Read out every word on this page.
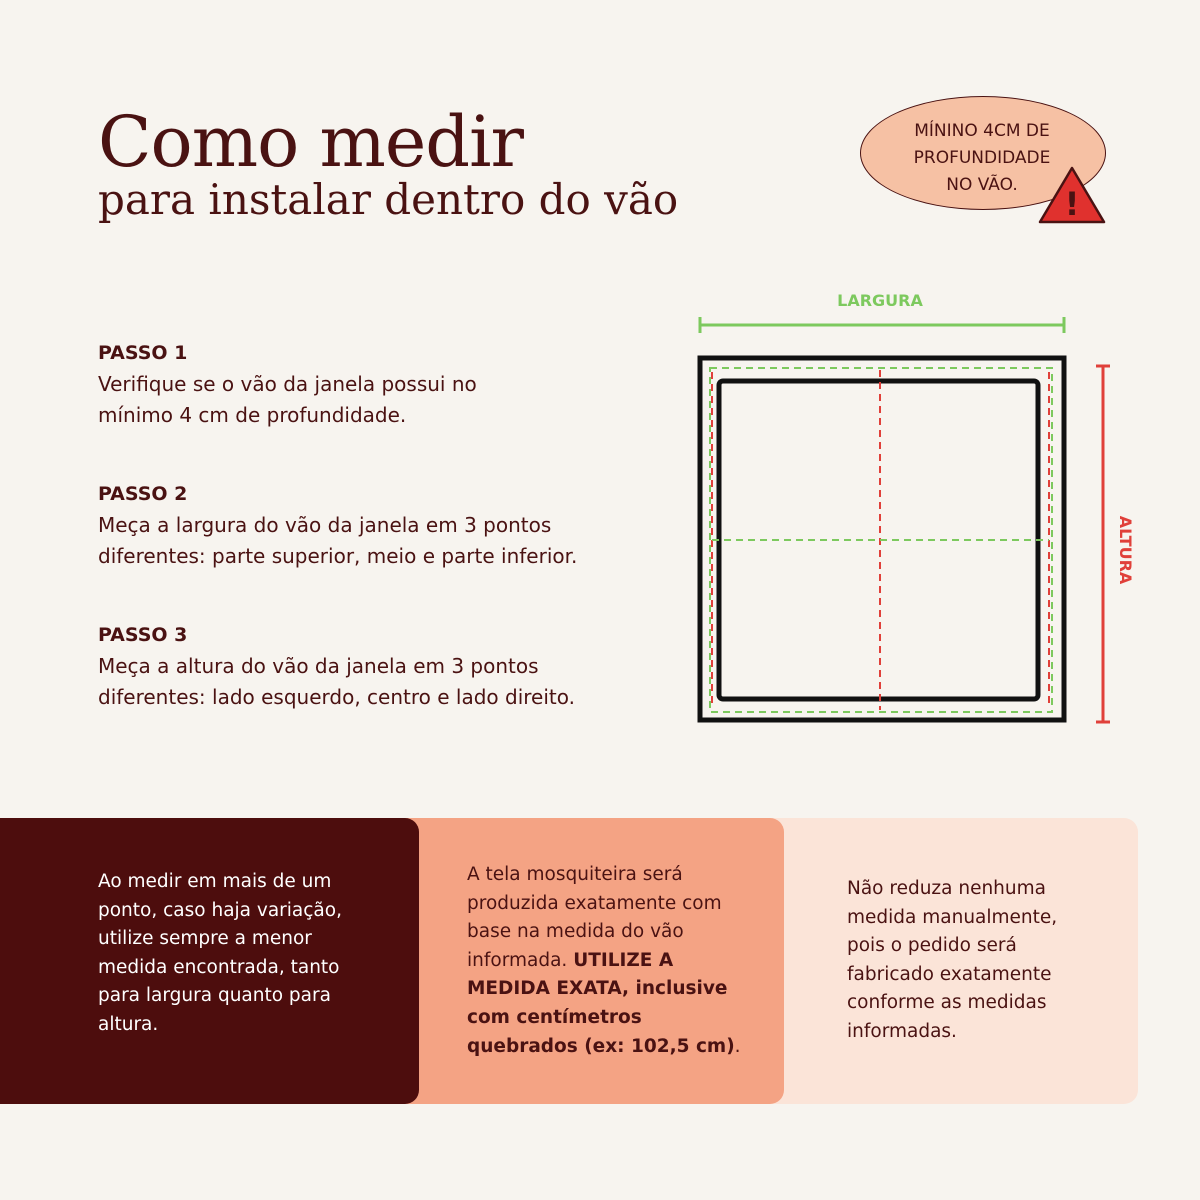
Como medir
para instalar dentro do vão
MÍNINO 4CM DE
PROFUNDIDADE
NO VÃO.	!
PASSO 1
Verifique se o vão da janela possui no
mínimo 4 cm de profundidade.
PASSO 2
Meça a largura do vão da janela em 3 pontos
diferentes: parte superior, meio e parte inferior.
PASSO 3
Meça a altura do vão da janela em 3 pontos
diferentes: lado esquerdo, centro e lado direito.
LARGURA
ALTURA
Ao medir em mais de um
ponto, caso haja variação,
utilize sempre a menor
medida encontrada, tanto
para largura quanto para
altura.
A tela mosquiteira será
produzida exatamente com
base na medida do vão
informada. UTILIZE A
MEDIDA EXATA, inclusive
com centímetros
quebrados (ex: 102,5 cm).
Não reduza nenhuma
medida manualmente,
pois o pedido será
fabricado exatamente
conforme as medidas
informadas.
